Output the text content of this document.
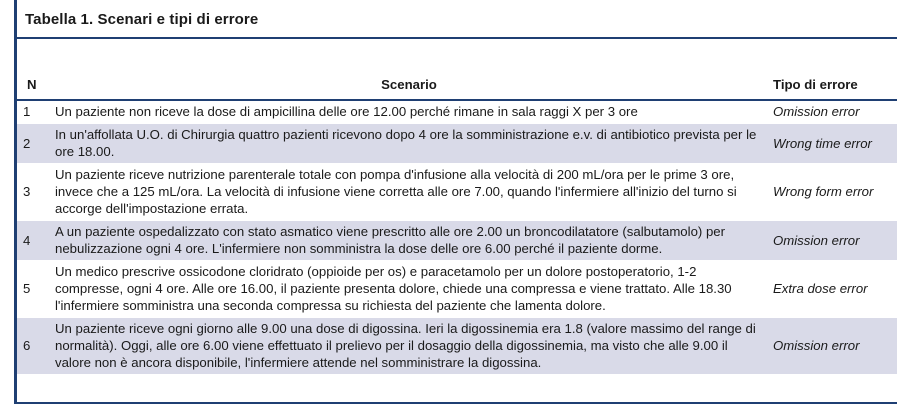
Tabella 1. Scenari e tipi di errore
N	Scenario	Tipo di errore
1	Un paziente non riceve la dose di ampicillina delle ore 12.00 perché rimane in sala raggi X per 3 ore	Omission error
2	In un'affollata U.O. di Chirurgia quattro pazienti ricevono dopo 4 ore la somministrazione e.v. di antibiotico prevista per le ore 18.00.	Wrong time error
3	Un paziente riceve nutrizione parenterale totale con pompa d'infusione alla velocità di 200 mL/ora per le prime 3 ore, invece che a 125 mL/ora. La velocità di infusione viene corretta alle ore 7.00, quando l'infermiere all'inizio del turno si accorge dell'impostazione errata.	Wrong form error
4	A un paziente ospedalizzato con stato asmatico viene prescritto alle ore 2.00 un broncodilatatore (salbutamolo) per nebulizzazione ogni 4 ore. L'infermiere non somministra la dose delle ore 6.00 perché il paziente dorme.	Omission error
5	Un medico prescrive ossicodone cloridrato (oppioide per os) e paracetamolo per un dolore postoperatorio, 1-2 compresse, ogni 4 ore. Alle ore 16.00, il paziente presenta dolore, chiede una compressa e viene trattato. Alle 18.30 l'infermiere somministra una seconda compressa su richiesta del paziente che lamenta dolore.	Extra dose error
6	Un paziente riceve ogni giorno alle 9.00 una dose di digossina. Ieri la digossinemia era 1.8 (valore massimo del range di normalità). Oggi, alle ore 6.00 viene effettuato il prelievo per il dosaggio della digossinemia, ma visto che alle 9.00 il valore non è ancora disponibile, l'infermiere attende nel somministrare la digossina.	Omission error
